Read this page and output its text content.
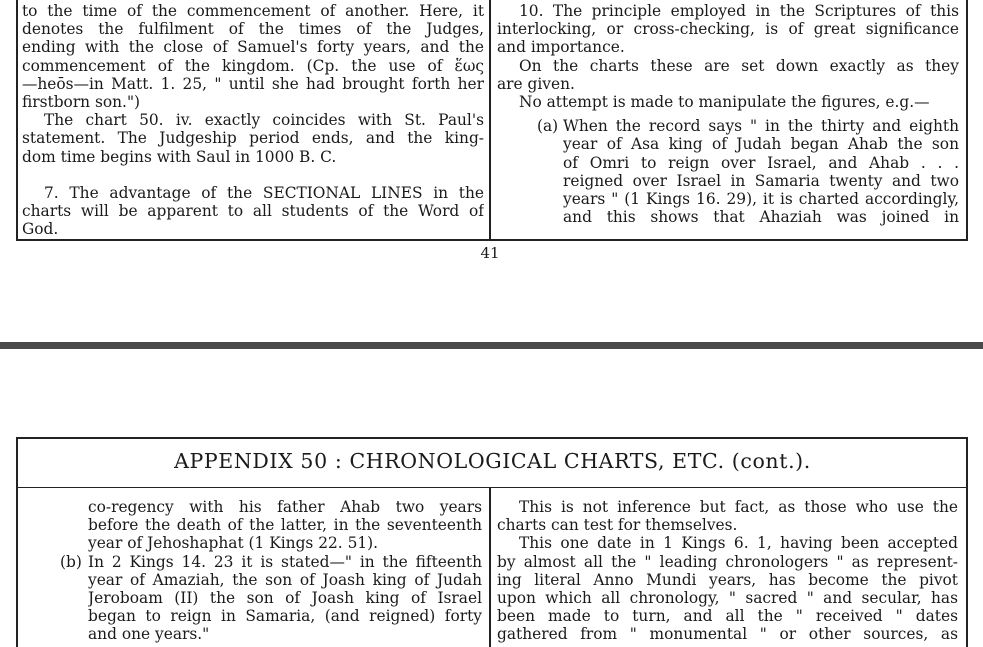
to the time of the commencement of another. Here, it
denotes the fulfilment of the times of the Judges,
ending with the close of Samuel's forty years, and the
commencement of the kingdom. (Cp. the use of ἕως
—heōs—in Matt. 1. 25, " until she had brought forth her
firstborn son.")

The chart 50. iv. exactly coincides with St. Paul's
statement. The Judgeship period ends, and the king-
dom time begins with Saul in 1000 B. C.

7. The advantage of the SECTIONAL LINES in the
charts will be apparent to all students of the Word of
God.

10. The principle employed in the Scriptures of this
interlocking, or cross-checking, is of great significance
and importance.

On the charts these are set down exactly as they
are given.

No attempt is made to manipulate the figures, e.g.—

(a) When the record says " in the thirty and eighth
year of Asa king of Judah began Ahab the son
of Omri to reign over Israel, and Ahab . . .
reigned over Israel in Samaria twenty and two
years " (1 Kings 16. 29), it is charted accordingly,
and this shows that Ahaziah was joined in

41
APPENDIX 50 : CHRONOLOGICAL CHARTS, ETC. (cont.).

co-regency with his father Ahab two years
before the death of the latter, in the seventeenth
year of Jehoshaphat (1 Kings 22. 51).

(b) In 2 Kings 14. 23 it is stated—" in the fifteenth
year of Amaziah, the son of Joash king of Judah
Jeroboam (II) the son of Joash king of Israel
began to reign in Samaria, (and reigned) forty
and one years."

This is not inference but fact, as those who use the
charts can test for themselves.

This one date in 1 Kings 6. 1, having been accepted
by almost all the " leading chronologers " as represent-
ing literal Anno Mundi years, has become the pivot
upon which all chronology, " sacred " and secular, has
been made to turn, and all the " received " dates
gathered from " monumental " or other sources, as
